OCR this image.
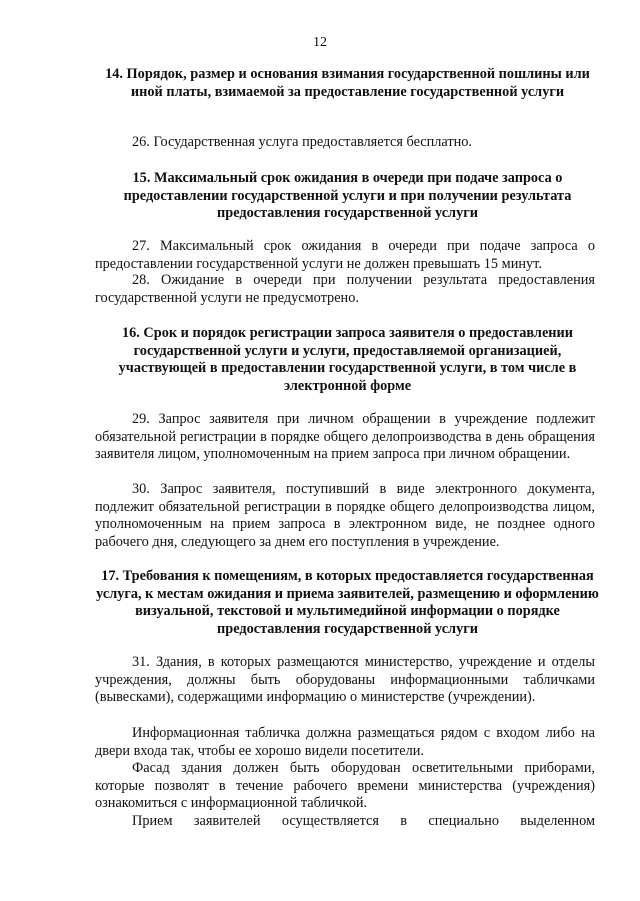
12
14. Порядок, размер и основания взимания государственной пошлины или иной платы, взимаемой за предоставление государственной услуги
26. Государственная услуга предоставляется бесплатно.
15. Максимальный срок ожидания в очереди при подаче запроса о предоставлении государственной услуги и при получении результата предоставления государственной услуги
27. Максимальный срок ожидания в очереди при подаче запроса о предоставлении государственной услуги не должен превышать 15 минут.
28. Ожидание в очереди при получении результата предоставления государственной услуги не предусмотрено.
16. Срок и порядок регистрации запроса заявителя о предоставлении государственной услуги и услуги, предоставляемой организацией, участвующей в предоставлении государственной услуги, в том числе в электронной форме
29. Запрос заявителя при личном обращении в учреждение подлежит обязательной регистрации в порядке общего делопроизводства в день обращения заявителя лицом, уполномоченным на прием запроса при личном обращении.
30. Запрос заявителя, поступивший в виде электронного документа, подлежит обязательной регистрации в порядке общего делопроизводства лицом, уполномоченным на прием запроса в электронном виде, не позднее одного рабочего дня, следующего за днем его поступления в учреждение.
17. Требования к помещениям, в которых предоставляется государственная услуга, к местам ожидания и приема заявителей, размещению и оформлению визуальной, текстовой и мультимедийной информации о порядке предоставления государственной услуги
31. Здания, в которых размещаются министерство, учреждение и отделы учреждения, должны быть оборудованы информационными табличками (вывесками), содержащими информацию о министерстве (учреждении).
Информационная табличка должна размещаться рядом с входом либо на двери входа так, чтобы ее хорошо видели посетители.
Фасад здания должен быть оборудован осветительными приборами, которые позволят в течение рабочего времени министерства (учреждения) ознакомиться с информационной табличкой.
Прием заявителей осуществляется в специально выделенном
